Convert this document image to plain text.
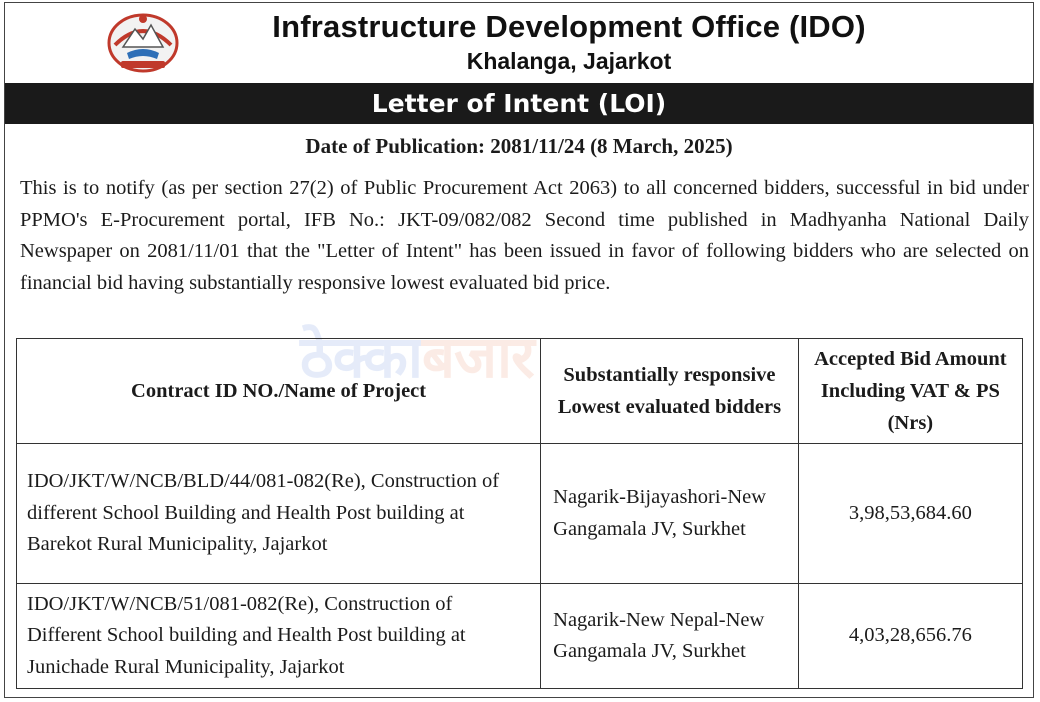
Infrastructure Development Office (IDO)
Khalanga, Jajarkot
Letter of Intent (LOI)
Date of Publication: 2081/11/24 (8 March, 2025)
This is to notify (as per section 27(2) of Public Procurement Act 2063) to all concerned bidders, successful in bid under PPMO's E-Procurement portal, IFB No.: JKT-09/082/082 Second time published in Madhyanha National Daily Newspaper on 2081/11/01 that the "Letter of Intent" has been issued in favor of following bidders who are selected on financial bid having substantially responsive lowest evaluated bid price.
ठेक्काबजार
Contract ID NO./Name of Project	Substantially responsive Lowest evaluated bidders	Accepted Bid Amount Including VAT & PS (Nrs)
IDO/JKT/W/NCB/BLD/44/081-082(Re), Construction of different School Building and Health Post building at Barekot Rural Municipality, Jajarkot	Nagarik-Bijayashori-New Gangamala JV, Surkhet	3,98,53,684.60
IDO/JKT/W/NCB/51/081-082(Re), Construction of Different School building and Health Post building at Junichade Rural Municipality, Jajarkot	Nagarik-New Nepal-New Gangamala JV, Surkhet	4,03,28,656.76
